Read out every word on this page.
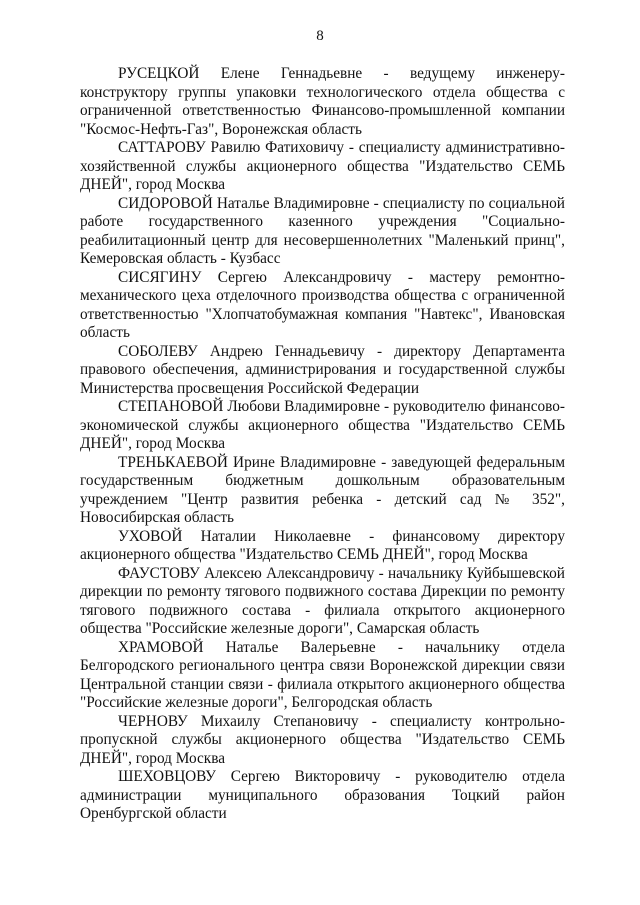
8

РУСЕЦКОЙ Елене Геннадьевне - ведущему инженеру-конструктору группы упаковки технологического отдела общества с ограниченной ответственностью Финансово-промышленной компании "Космос-Нефть-Газ", Воронежская область

САТТАРОВУ Равилю Фатиховичу - специалисту административно-хозяйственной службы акционерного общества "Издательство СЕМЬ ДНЕЙ", город Москва

СИДОРОВОЙ Наталье Владимировне - специалисту по социальной работе государственного казенного учреждения "Социально-реабилитационный центр для несовершеннолетних "Маленький принц", Кемеровская область - Кузбасс

СИСЯГИНУ Сергею Александровичу - мастеру ремонтно-механического цеха отделочного производства общества с ограниченной ответственностью "Хлопчатобумажная компания "Навтекс", Ивановская область

СОБОЛЕВУ Андрею Геннадьевичу - директору Департамента правового обеспечения, администрирования и государственной службы Министерства просвещения Российской Федерации

СТЕПАНОВОЙ Любови Владимировне - руководителю финансово-экономической службы акционерного общества "Издательство СЕМЬ ДНЕЙ", город Москва

ТРЕНЬКАЕВОЙ Ирине Владимировне - заведующей федеральным государственным бюджетным дошкольным образовательным учреждением "Центр развития ребенка - детский сад № 352", Новосибирская область

УХОВОЙ Наталии Николаевне - финансовому директору акционерного общества "Издательство СЕМЬ ДНЕЙ", город Москва

ФАУСТОВУ Алексею Александровичу - начальнику Куйбышевской дирекции по ремонту тягового подвижного состава Дирекции по ремонту тягового подвижного состава - филиала открытого акционерного общества "Российские железные дороги", Самарская область

ХРАМОВОЙ Наталье Валерьевне - начальнику отдела Белгородского регионального центра связи Воронежской дирекции связи Центральной станции связи - филиала открытого акционерного общества "Российские железные дороги", Белгородская область

ЧЕРНОВУ Михаилу Степановичу - специалисту контрольно-пропускной службы акционерного общества "Издательство СЕМЬ ДНЕЙ", город Москва

ШЕХОВЦОВУ Сергею Викторовичу - руководителю отдела администрации муниципального образования Тоцкий район Оренбургской области
